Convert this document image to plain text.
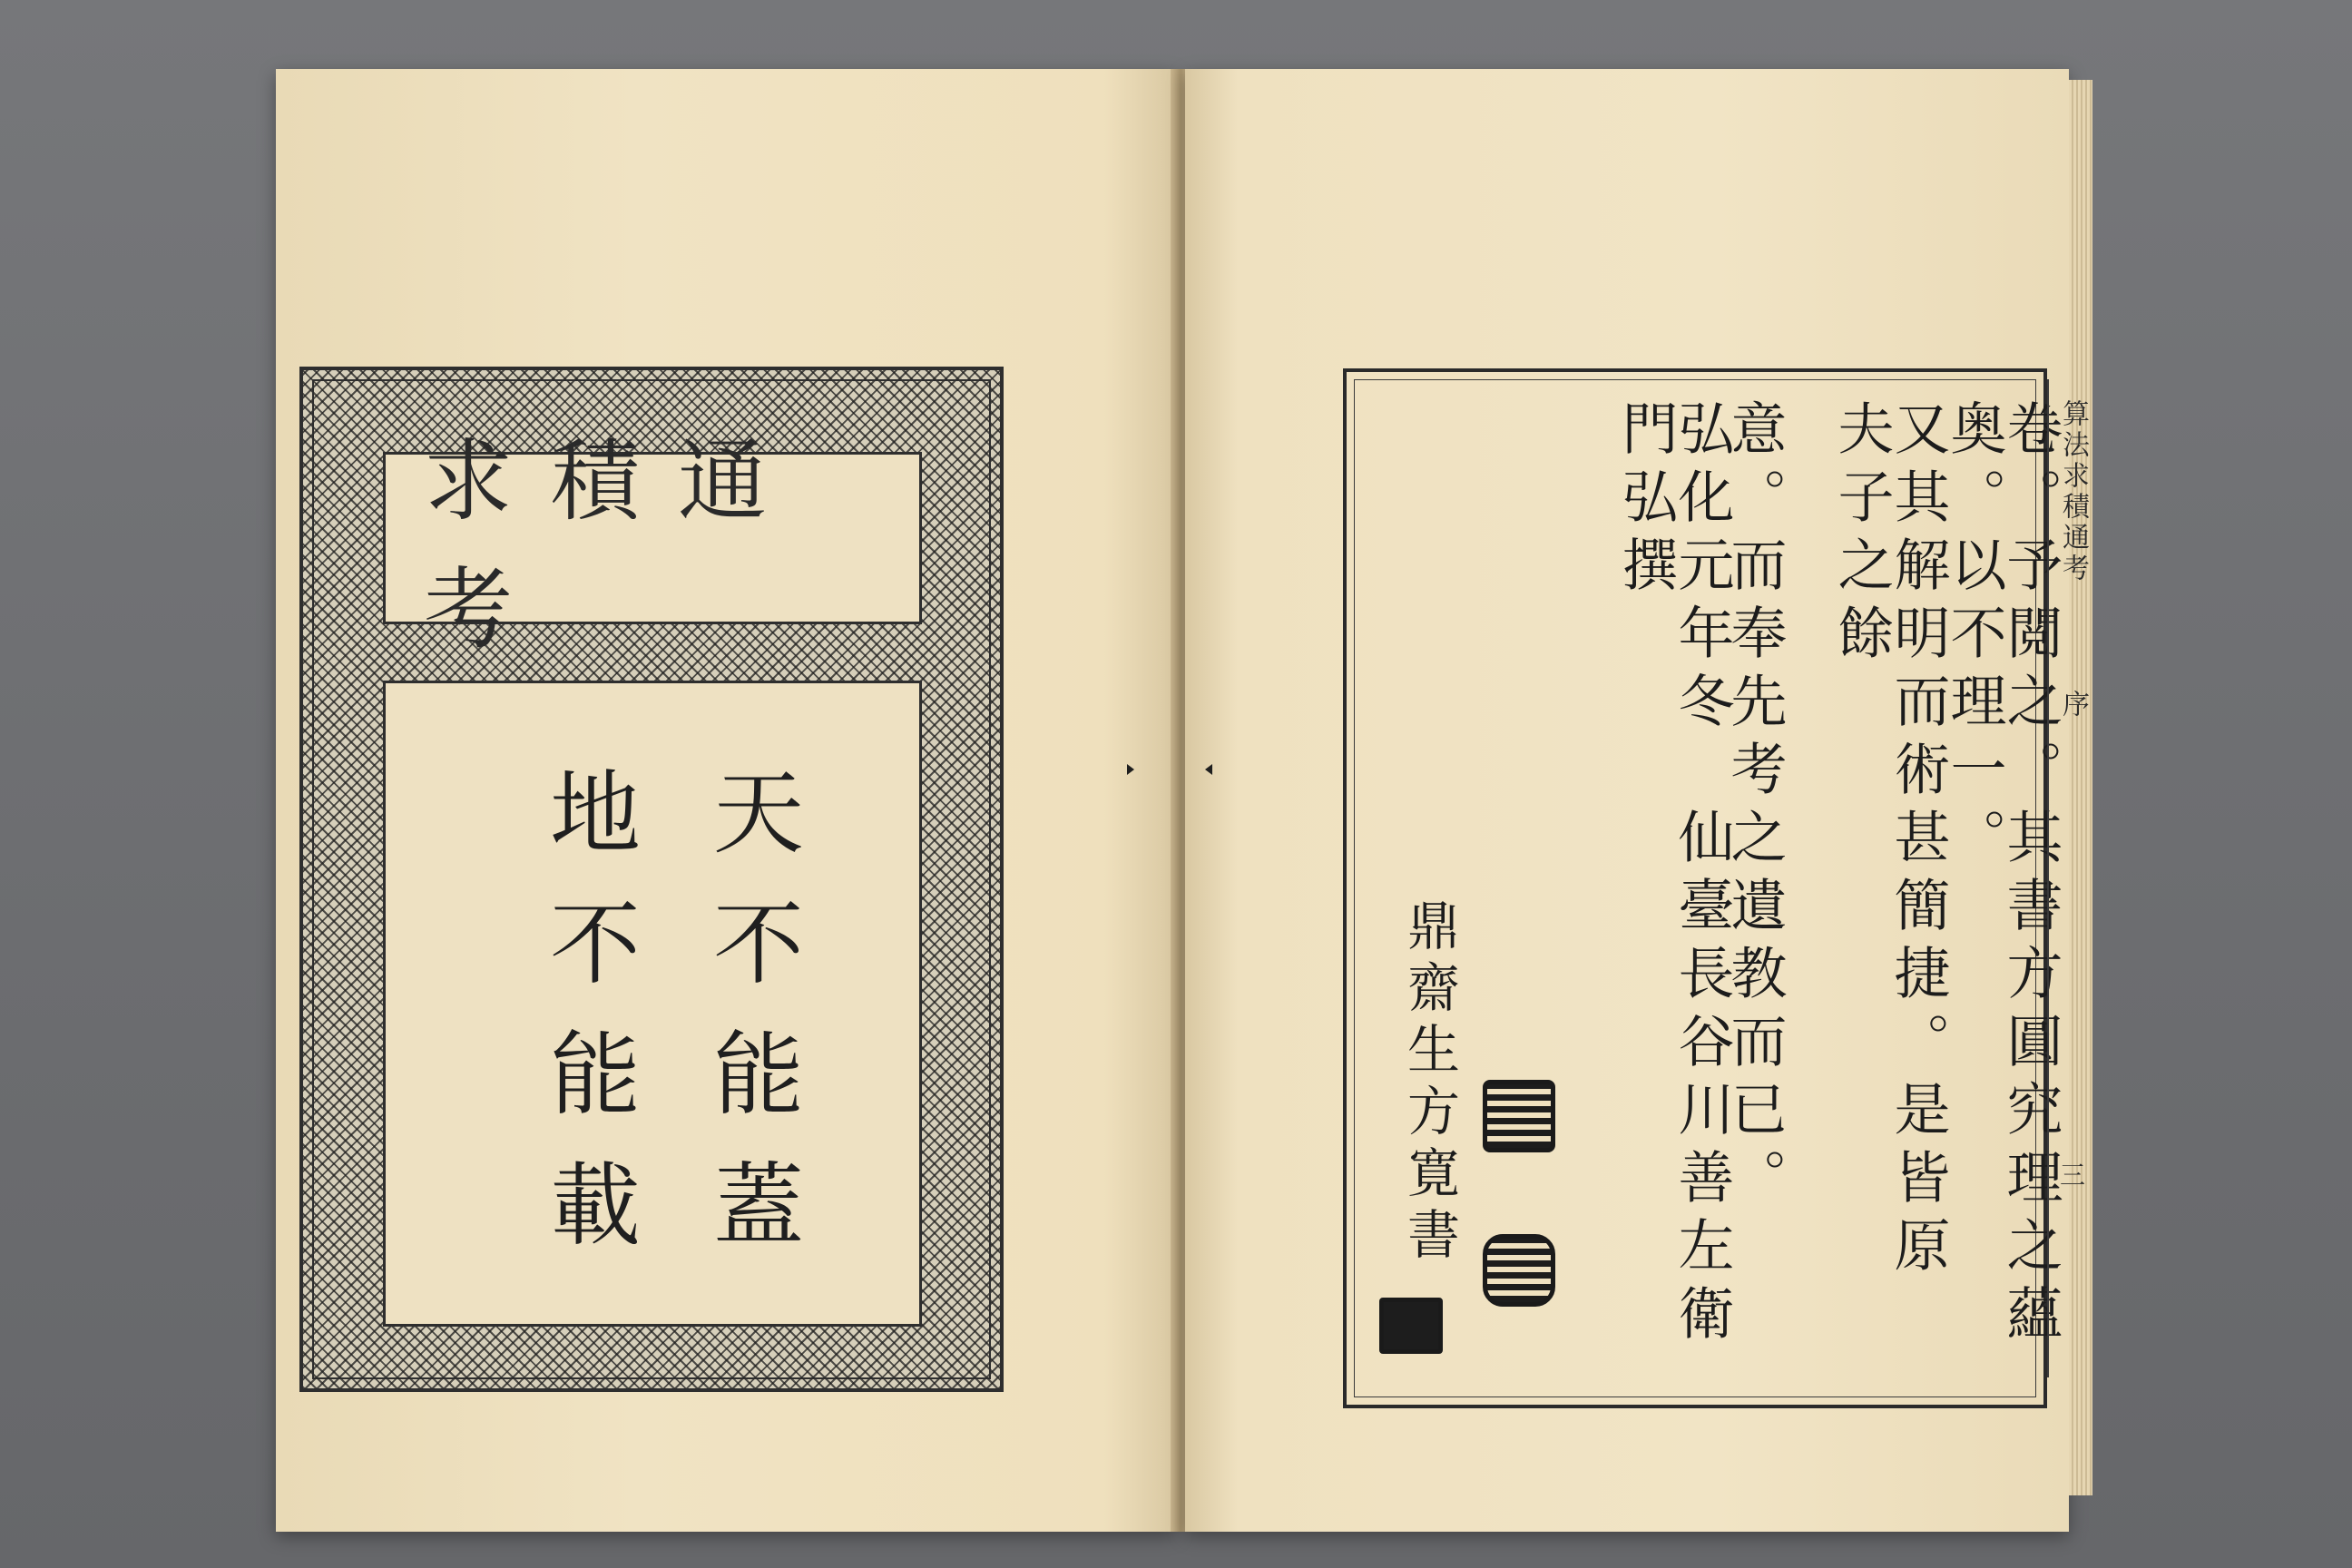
求積通考
天不能蓋
地不能載	卷。予閲之。其書方圓究理之蘊奥。以不理一。
又其解明而術甚簡捷。是皆原　夫子之餘
意。而奉先考之遺教而已。
弘化元年冬　仙臺長谷川善左衛門弘撰
鼎齋生方寛書
算法求積通考
序
三
